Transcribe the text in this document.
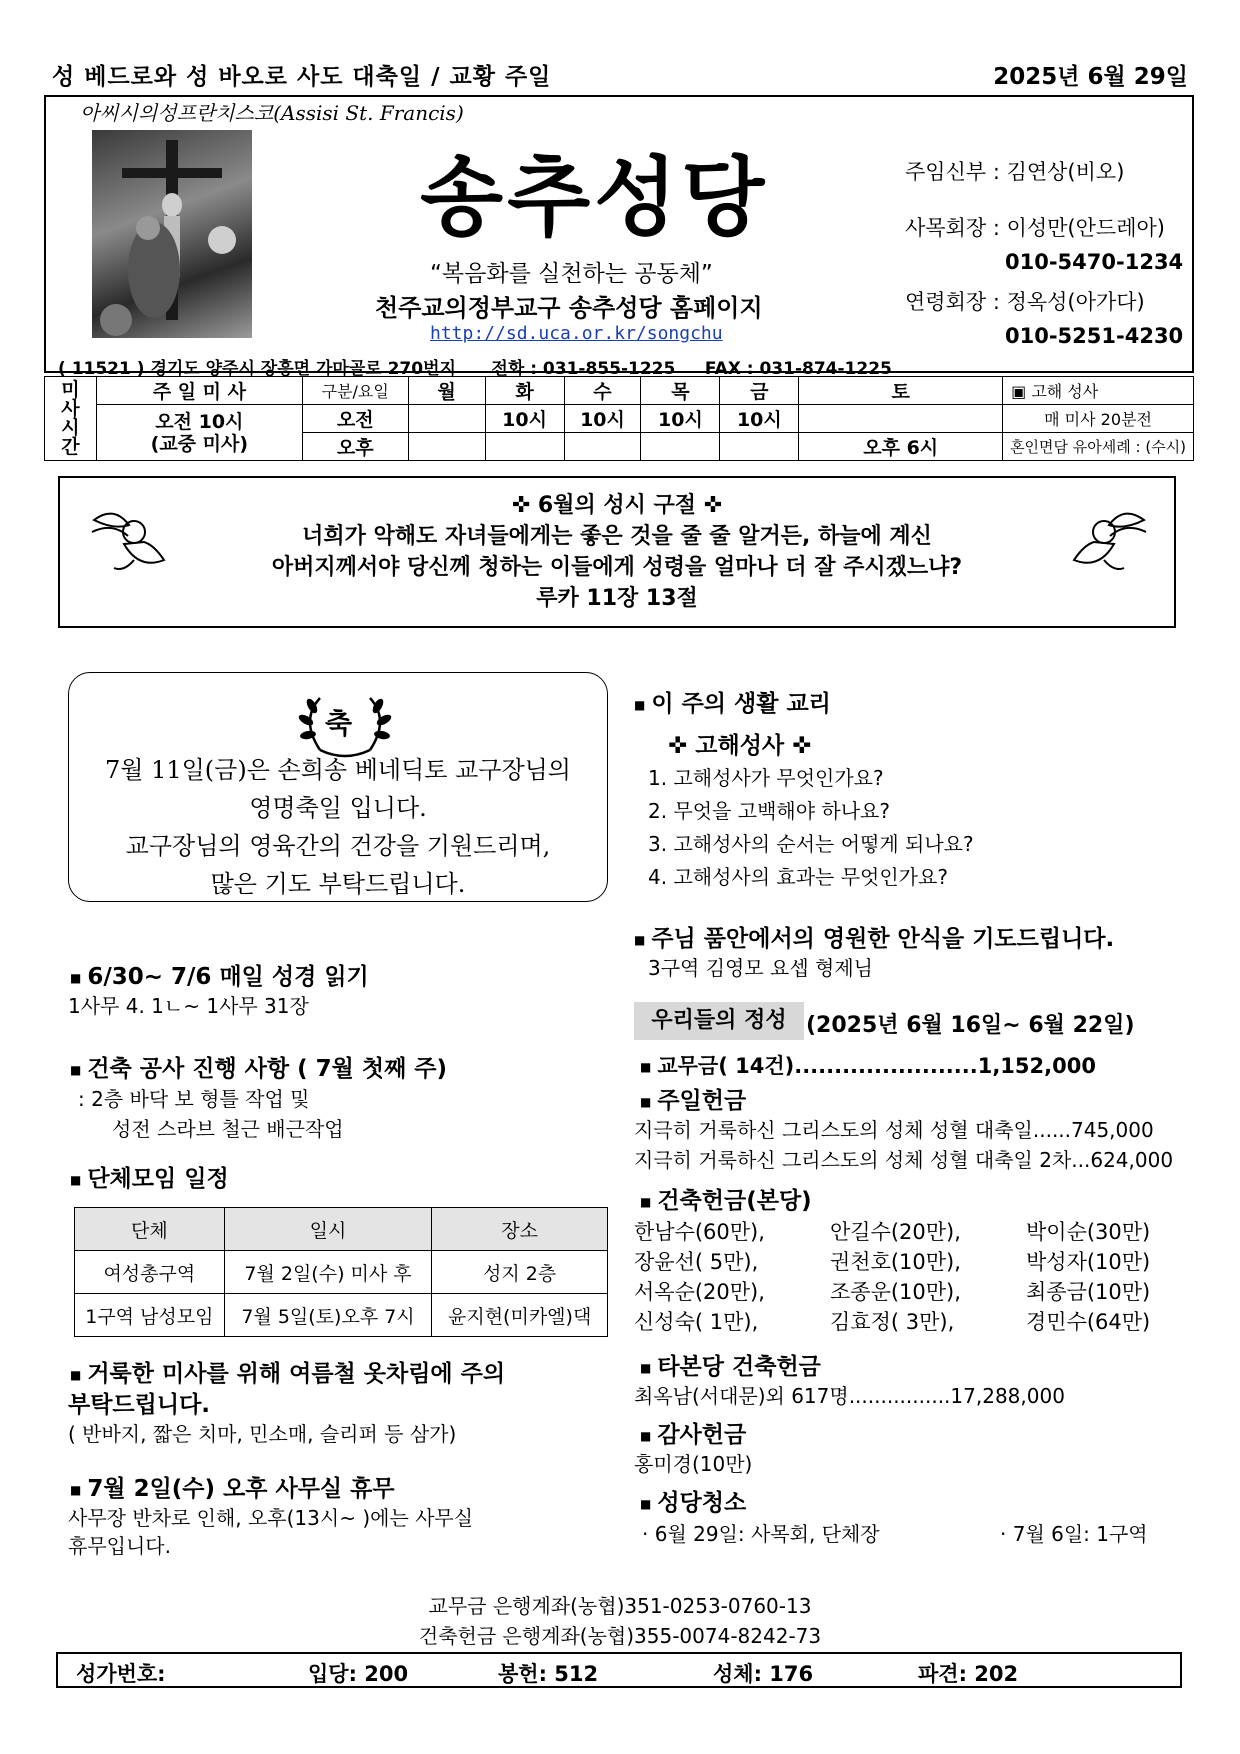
성 베드로와 성 바오로 사도 대축일 / 교황 주일	2025년 6월 29일
아씨시의성프란치스코(Assisi St. Francis)
송추성당
“복음화를 실천하는 공동체”
천주교의정부교구 송추성당 홈페이지
http://sd.uca.or.kr/songchu
( 11521 ) 경기도 양주시 장흥면 가마골로 270번지      전화 : 031-855-1225     FAX : 031-874-1225
주임신부 : 김연상(비오)
사목회장 : 이성만(안드레아)
010-5470-1234
연령회장 : 정옥성(아가다)
010-5251-4230
미
사
시
간	주 일 미 사	구분/요일	월	화	수	목	금	토	▣ 고해 성사
	오전 10시
(교중 미사)	오전		10시	10시	10시	10시		매 미사 20분전
		오후						오후 6시	혼인면담 유아세례 : (수시)
✜ 6월의 성시 구절 ✜
너희가 악해도 자녀들에게는 좋은 것을 줄 줄 알거든, 하늘에 계신
아버지께서야 당신께 청하는 이들에게 성령을 얼마나 더 잘 주시겠느냐?
루카 11장 13절
7월 11일(금)은 손희송 베네딕토 교구장님의
영명축일 입니다.
교구장님의 영육간의 건강을 기원드리며,
많은 기도 부탁드립니다.
축
■ 6/30~ 7/6 매일 성경 읽기
1사무 4. 1ㄴ~ 1사무 31장
■ 건축 공사 진행 사항 ( 7월 첫째 주)
: 2층 바닥 보 형틀 작업 및
성전 스라브 철근 배근작업
■ 단체모임 일정
단체	일시	장소
여성총구역	7월 2일(수) 미사 후	성지 2층
1구역 남성모임	7월 5일(토)오후 7시	윤지현(미카엘)댁
■ 거룩한 미사를 위해 여름철 옷차림에 주의
부탁드립니다.
( 반바지, 짧은 치마, 민소매, 슬리퍼 등 삼가)
■ 7월 2일(수) 오후 사무실 휴무
사무장 반차로 인해, 오후(13시~ )에는 사무실
휴무입니다.
■ 이 주의 생활 교리
✜ 고해성사 ✜
1. 고해성사가 무엇인가요?
2. 무엇을 고백해야 하나요?
3. 고해성사의 순서는 어떻게 되나요?
4. 고해성사의 효과는 무엇인가요?
■ 주님 품안에서의 영원한 안식을 기도드립니다.
3구역 김영모 요셉 형제님
우리들의 정성 (2025년 6월 16일~ 6월 22일)
■ 교무금( 14건).......................1,152,000
■ 주일헌금
지극히 거룩하신 그리스도의 성체 성혈 대축일......745,000
지극히 거룩하신 그리스도의 성체 성혈 대축일 2차...624,000
■ 건축헌금(본당)
한남수(60만),	안길수(20만),	박이순(30만)
장윤선( 5만),	권천호(10만),	박성자(10만)
서옥순(20만),	조종운(10만),	최종금(10만)
신성숙( 1만),	김효정( 3만),	경민수(64만)
■ 타본당 건축헌금
최옥남(서대문)외 617명................17,288,000
■ 감사헌금
홍미경(10만)
■ 성당청소
· 6월 29일: 사목회, 단체장	· 7월 6일: 1구역
교무금 은행계좌(농협)351-0253-0760-13
건축헌금 은행계좌(농협)355-0074-8242-73
성가번호:	입당: 200	봉헌: 512	성체: 176	파견: 202
